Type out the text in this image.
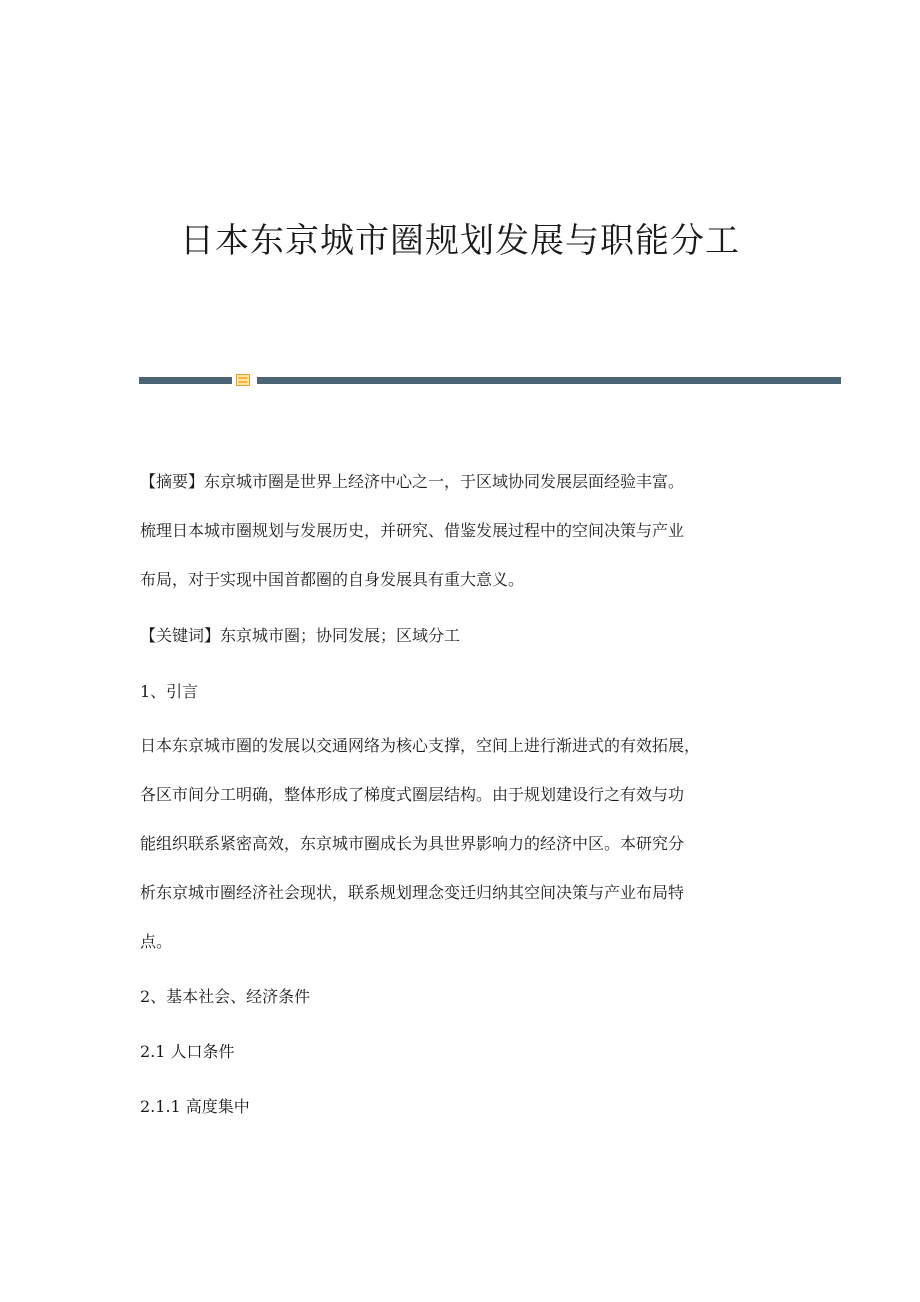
日本东京城市圈规划发展与职能分工

【摘要】东京城市圈是世界上经济中心之一，于区域协同发展层面经验丰富。

梳理日本城市圈规划与发展历史，并研究、借鉴发展过程中的空间决策与产业

布局，对于实现中国首都圈的自身发展具有重大意义。

【关键词】东京城市圈；协同发展；区域分工

1、引言

日本东京城市圈的发展以交通网络为核心支撑，空间上进行渐进式的有效拓展，

各区市间分工明确，整体形成了梯度式圈层结构。由于规划建设行之有效与功

能组织联系紧密高效，东京城市圈成长为具世界影响力的经济中区。本研究分

析东京城市圈经济社会现状，联系规划理念变迁归纳其空间决策与产业布局特

点。

2、基本社会、经济条件

2.1 人口条件

2.1.1 高度集中
